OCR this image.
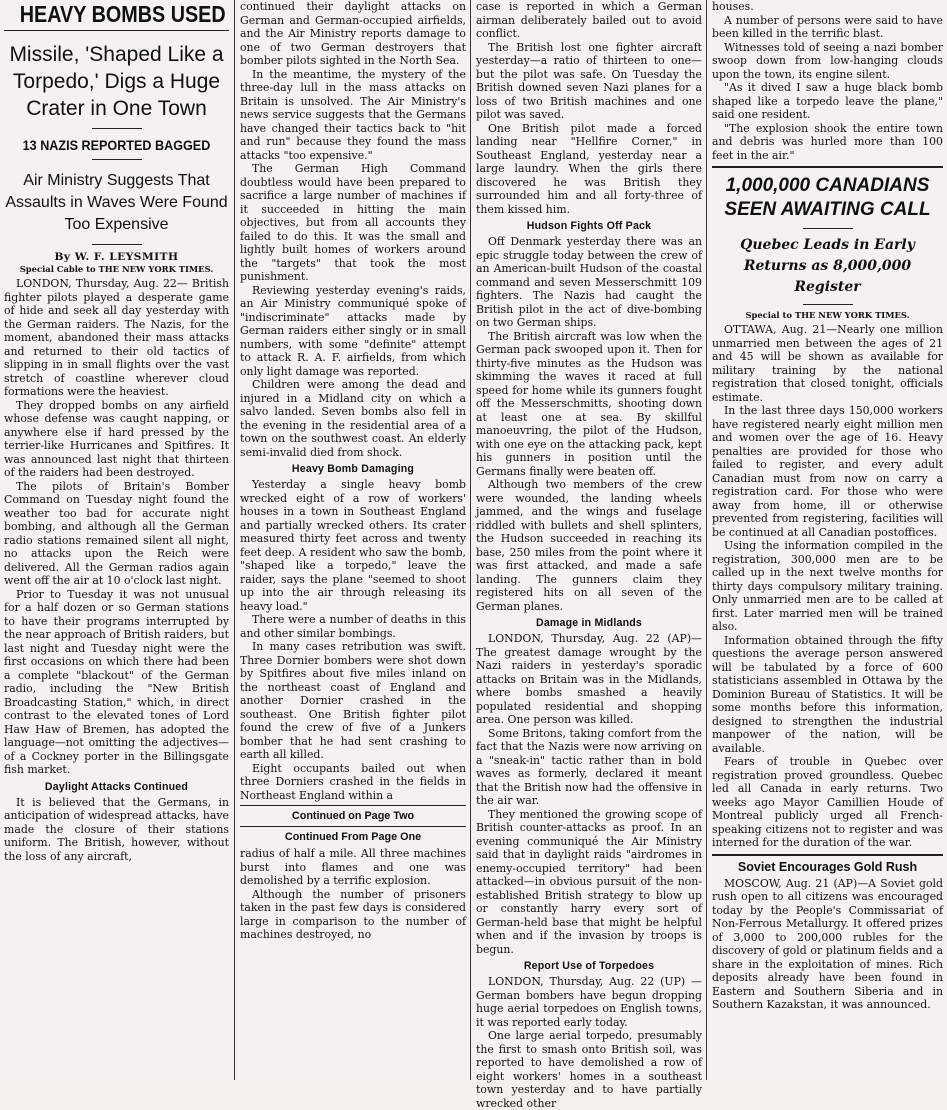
HEAVY BOMBS USED
Missile, 'Shaped Like a Torpedo,' Digs a Huge Crater in One Town
13 NAZIS REPORTED BAGGED
Air Ministry Suggests That Assaults in Waves Were Found Too Expensive
By W. F. LEYSMITH
Special Cable to THE NEW YORK TIMES.

LONDON, Thursday, Aug. 22— British fighter pilots played a desperate game of hide and seek all day yesterday with the German raiders. The Nazis, for the moment, abandoned their mass attacks and returned to their old tactics of slipping in in small flights over the vast stretch of coastline wherever cloud formations were the heaviest.

They dropped bombs on any airfield whose defense was caught napping, or anywhere else if hard pressed by the terrier-like Hurricanes and Spitfires. It was announced last night that thirteen of the raiders had been destroyed.

The pilots of Britain's Bomber Command on Tuesday night found the weather too bad for accurate night bombing, and although all the German radio stations remained silent all night, no attacks upon the Reich were delivered. All the German radios again went off the air at 10 o'clock last night.

Prior to Tuesday it was not unusual for a half dozen or so German stations to have their programs interrupted by the near approach of British raiders, but last night and Tuesday night were the first occasions on which there had been a complete "blackout" of the German radio, including the "New British Broadcasting Station," which, in direct contrast to the elevated tones of Lord Haw Haw of Bremen, has adopted the language—not omitting the adjectives—of a Cockney porter in the Billingsgate fish market.

Daylight Attacks Continued

It is believed that the Germans, in anticipation of widespread attacks, have made the closure of their stations uniform. The British, however, without the loss of any aircraft,

continued their daylight attacks on German and German-occupied airfields, and the Air Ministry reports damage to one of two German destroyers that bomber pilots sighted in the North Sea.

In the meantime, the mystery of the three-day lull in the mass attacks on Britain is unsolved. The Air Ministry's news service suggests that the Germans have changed their tactics back to "hit and run" because they found the mass attacks "too expensive."

The German High Command doubtless would have been prepared to sacrifice a large number of machines if it succeeded in hitting the main objectives, but from all accounts they failed to do this. It was the small and lightly built homes of workers around the "targets" that took the most punishment.

Reviewing yesterday evening's raids, an Air Ministry communiqué spoke of "indiscriminate" attacks made by German raiders either singly or in small numbers, with some "definite" attempt to attack R. A. F. airfields, from which only light damage was reported.

Children were among the dead and injured in a Midland city on which a salvo landed. Seven bombs also fell in the evening in the residential area of a town on the southwest coast. An elderly semi-invalid died from shock.

Heavy Bomb Damaging

Yesterday a single heavy bomb wrecked eight of a row of workers' houses in a town in Southeast England and partially wrecked others. Its crater measured thirty feet across and twenty feet deep. A resident who saw the bomb, "shaped like a torpedo," leave the raider, says the plane "seemed to shoot up into the air through releasing its heavy load."

There were a number of deaths in this and other similar bombings.

In many cases retribution was swift. Three Dornier bombers were shot down by Spitfires about five miles inland on the northeast coast of England and another Dornier crashed in the southeast. One British fighter pilot found the crew of five of a Junkers bomber that he had sent crashing to earth all killed.

Eight occupants bailed out when three Dorniers crashed in the fields in Northeast England within a

Continued on Page Two
Continued From Page One

radius of half a mile. All three machines burst into flames and one was demolished by a terrific explosion.

Although the number of prisoners taken in the past few days is considered large in comparison to the number of machines destroyed, no

case is reported in which a German airman deliberately bailed out to avoid conflict.

The British lost one fighter aircraft yesterday—a ratio of thirteen to one—but the pilot was safe. On Tuesday the British downed seven Nazi planes for a loss of two British machines and one pilot was saved.

One British pilot made a forced landing near "Hellfire Corner," in Southeast England, yesterday near a large laundry. When the girls there discovered he was British they surrounded him and all forty-three of them kissed him.

Hudson Fights Off Pack

Off Denmark yesterday there was an epic struggle today between the crew of an American-built Hudson of the coastal command and seven Messerschmitt 109 fighters. The Nazis had caught the British pilot in the act of dive-bombing on two German ships.

The British aircraft was low when the German pack swooped upon it. Then for thirty-five minutes as the Hudson was skimming the waves it raced at full speed for home while its gunners fought off the Messerschmitts, shooting down at least one at sea. By skillful manoeuvring, the pilot of the Hudson, with one eye on the attacking pack, kept his gunners in position until the Germans finally were beaten off.

Although two members of the crew were wounded, the landing wheels jammed, and the wings and fuselage riddled with bullets and shell splinters, the Hudson succeeded in reaching its base, 250 miles from the point where it was first attacked, and made a safe landing. The gunners claim they registered hits on all seven of the German planes.

Damage in Midlands

LONDON, Thursday, Aug. 22 (AP)— The greatest damage wrought by the Nazi raiders in yesterday's sporadic attacks on Britain was in the Midlands, where bombs smashed a heavily populated residential and shopping area. One person was killed.

Some Britons, taking comfort from the fact that the Nazis were now arriving on a "sneak-in" tactic rather than in bold waves as formerly, declared it meant that the British now had the offensive in the air war.

They mentioned the growing scope of British counter-attacks as proof. In an evening communiqué the Air Ministry said that in daylight raids "airdromes in enemy-occupied territory" had been attacked—in obvious pursuit of the non-established British strategy to blow up or constantly harry every sort of German-held base that might be helpful when and if the invasion by troops is begun.

Report Use of Torpedoes

LONDON, Thursday, Aug. 22 (UP) —German bombers have begun dropping huge aerial torpedoes on English towns, it was reported early today.

One large aerial torpedo, presumably the first to smash onto British soil, was reported to have demolished a row of eight workers' homes in a southeast town yesterday and to have partially wrecked other

houses.

A number of persons were said to have been killed in the terrific blast.

Witnesses told of seeing a nazi bomber swoop down from low-hanging clouds upon the town, its engine silent.

"As it dived I saw a huge black bomb shaped like a torpedo leave the plane," said one resident.

"The explosion shook the entire town and debris was hurled more than 100 feet in the air."

1,000,000 CANADIANS SEEN AWAITING CALL
Quebec Leads in Early Returns as 8,000,000 Register
Special to THE NEW YORK TIMES.

OTTAWA, Aug. 21—Nearly one million unmarried men between the ages of 21 and 45 will be shown as available for military training by the national registration that closed tonight, officials estimate.

In the last three days 150,000 workers have registered nearly eight million men and women over the age of 16. Heavy penalties are provided for those who failed to register, and every adult Canadian must from now on carry a registration card. For those who were away from home, ill or otherwise prevented from registering, facilities will be continued at all Canadian postoffices.

Using the information compiled in the registration, 300,000 men are to be called up in the next twelve months for thirty days compulsory military training. Only unmarried men are to be called at first. Later married men will be trained also.

Information obtained through the fifty questions the average person answered will be tabulated by a force of 600 statisticians assembled in Ottawa by the Dominion Bureau of Statistics. It will be some months before this information, designed to strengthen the industrial manpower of the nation, will be available.

Fears of trouble in Quebec over registration proved groundless. Quebec led all Canada in early returns. Two weeks ago Mayor Camillien Houde of Montreal publicly urged all French-speaking citizens not to register and was interned for the duration of the war.

Soviet Encourages Gold Rush

MOSCOW, Aug. 21 (AP)—A Soviet gold rush open to all citizens was encouraged today by the People's Commissariat of Non-Ferrous Metallurgy. It offered prizes of 3,000 to 200,000 rubles for the discovery of gold or platinum fields and a share in the exploitation of mines. Rich deposits already have been found in Eastern and Southern Siberia and in Southern Kazakstan, it was announced.
